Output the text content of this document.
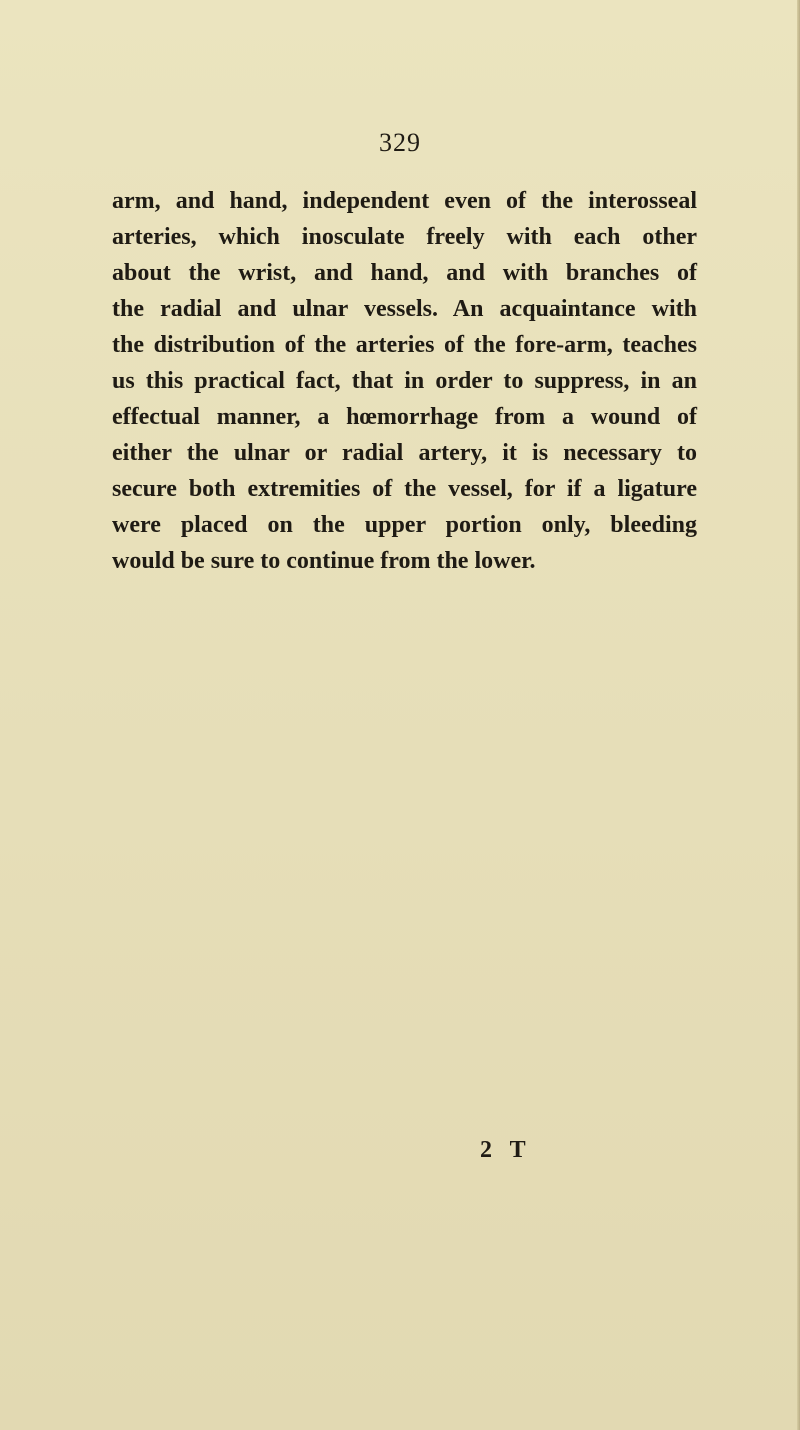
329
arm, and hand, independent even of the interosseal
arteries, which inosculate freely with each other
about the wrist, and hand, and with branches of
the radial and ulnar vessels. An acquaintance with
the distribution of the arteries of the fore-arm, teaches
us this practical fact, that in order to suppress, in an
effectual manner, a hœmorrhage from a wound of
either the ulnar or radial artery, it is necessary to
secure both extremities of the vessel, for if a ligature
were placed on the upper portion only, bleeding
would be sure to continue from the lower.
2 T
